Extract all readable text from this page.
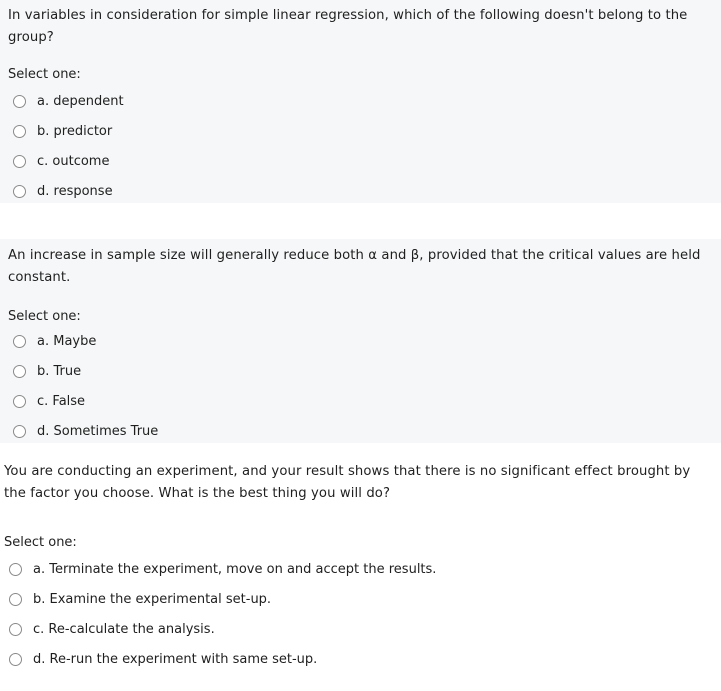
In variables in consideration for simple linear regression, which of the following doesn't belong to the group?

Select one:

a. dependent
b. predictor
c. outcome
d. response

An increase in sample size will generally reduce both α and β, provided that the critical values are held constant.

Select one:

a. Maybe
b. True
c. False
d. Sometimes True

You are conducting an experiment, and your result shows that there is no significant effect brought by the factor you choose. What is the best thing you will do?

Select one:

a. Terminate the experiment, move on and accept the results.
b. Examine the experimental set-up.
c. Re-calculate the analysis.
d. Re-run the experiment with same set-up.
